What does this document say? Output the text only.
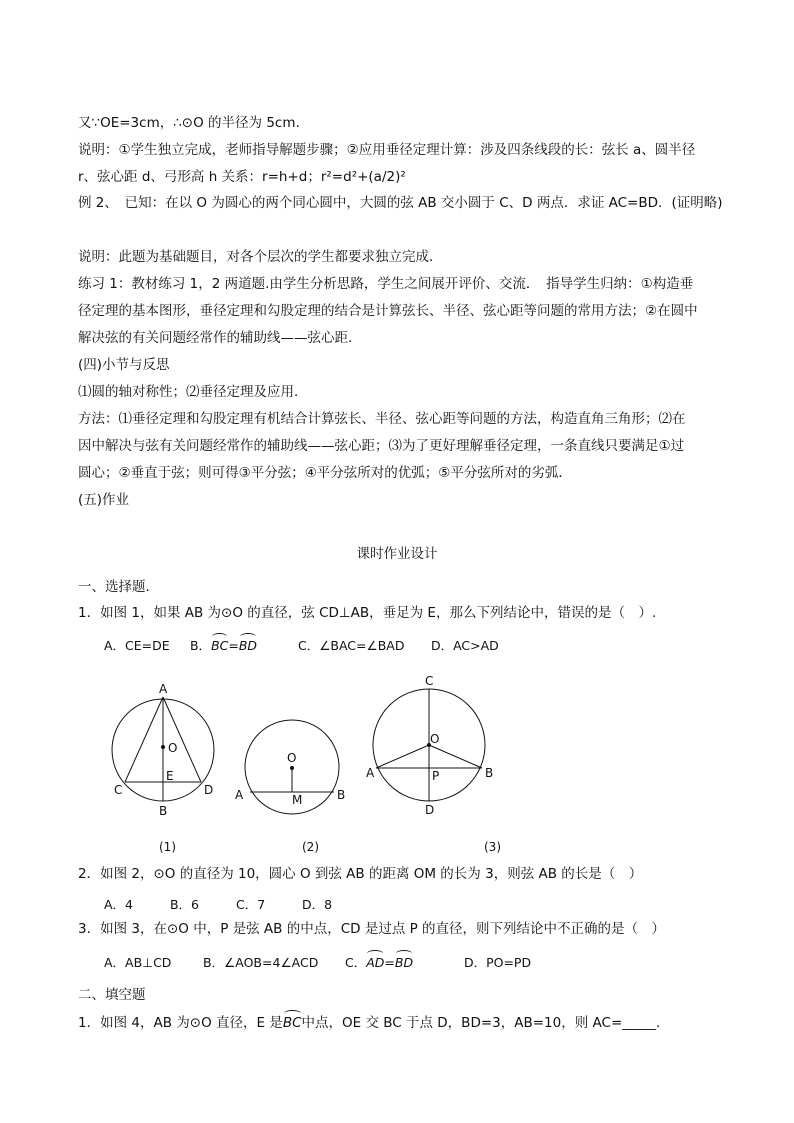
又∵OE=3cm，∴⊙O 的半径为 5cm.
说明：①学生独立完成，老师指导解题步骤；②应用垂径定理计算：涉及四条线段的长：弦长 a、圆半径
r、弦心距 d、弓形高 h 关系：r=h+d；r²=d²+(a/2)²
例 2、　已知：在以 O 为圆心的两个同心圆中，大圆的弦 AB 交小圆于 C、D 两点．求证 AC=BD．(证明略)
说明：此题为基础题目，对各个层次的学生都要求独立完成．
练习 1：教材练习 1，2 两道题.由学生分析思路，学生之间展开评价、交流．　指导学生归纳：①构造垂
径定理的基本图形，垂径定理和勾股定理的结合是计算弦长、半径、弦心距等问题的常用方法；②在圆中
解决弦的有关问题经常作的辅助线——弦心距.
(四)小节与反思
⑴圆的轴对称性；⑵垂径定理及应用．
方法：⑴垂径定理和勾股定理有机结合计算弦长、半径、弦心距等问题的方法，构造直角三角形；⑵在
因中解决与弦有关问题经常作的辅助线——弦心距；⑶为了更好理解垂径定理，一条直线只要满足①过
圆心；②垂直于弦；则可得③平分弦；④平分弦所对的优弧；⑤平分弦所对的劣弧．
(五)作业
课时作业设计
一、选择题．
1．如图 1，如果 AB 为⊙O 的直径，弦 CD⊥AB，垂足为 E，那么下列结论中，错误的是（　）.
A．CE=DE B．BC=BD	C．∠BAC=∠BAD D．AC>AD
A
O
E
C	D
B
(1)
O
A	M	B
(2)
C
O
A	P	B
D
(3)
2．如图 2，⊙O 的直径为 10，圆心 O 到弦 AB 的距离 OM 的长为 3，则弦 AB 的长是（　）
A．4	B．6	C．7	D．8
3．如图 3，在⊙O 中，P 是弦 AB 的中点，CD 是过点 P 的直径，则下列结论中不正确的是（　）
A．AB⊥CD	B．∠AOB=4∠ACD C．AD=BD	D．PO=PD
二、填空题
1．如图 4，AB 为⊙O 直径，E 是BC中点，OE 交 BC 于点 D，BD=3，AB=10，则 AC=_____.
